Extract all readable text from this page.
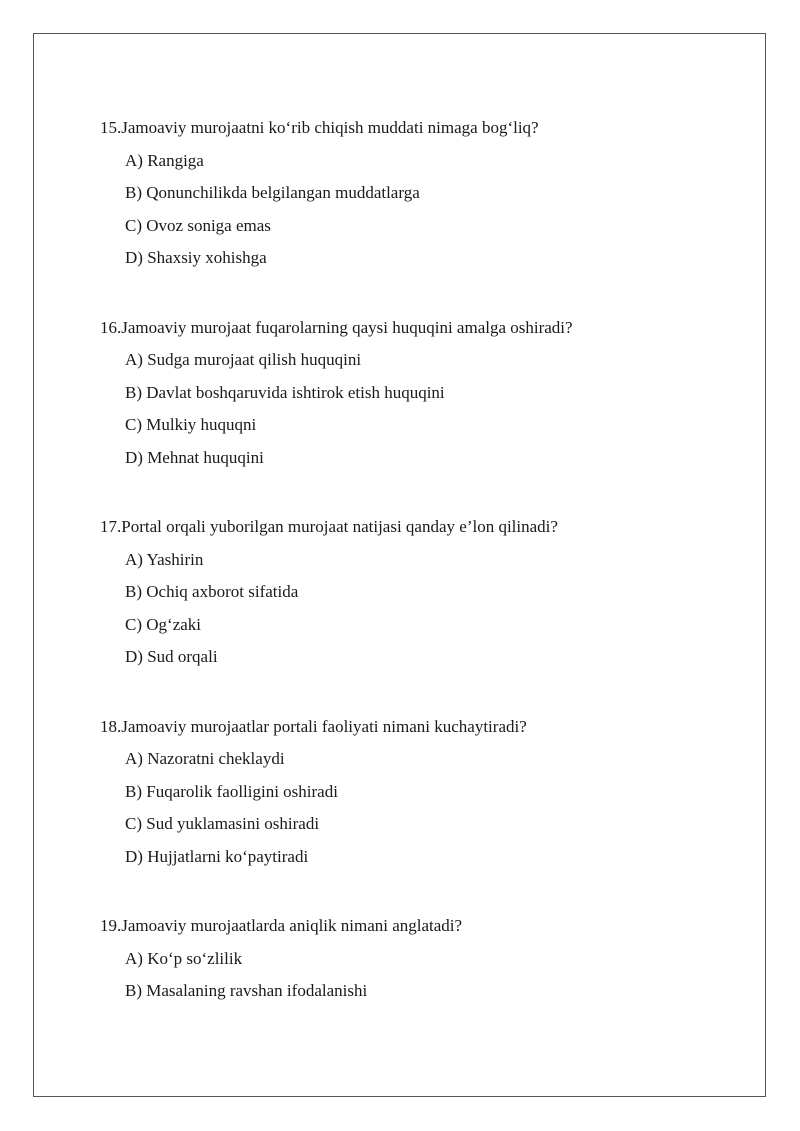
15.Jamoaviy murojaatni ko‘rib chiqish muddati nimaga bog‘liq?

A) Rangiga
B) Qonunchilikda belgilangan muddatlarga
C) Ovoz soniga emas
D) Shaxsiy xohishga

16.Jamoaviy murojaat fuqarolarning qaysi huquqini amalga oshiradi?

A) Sudga murojaat qilish huquqini
B) Davlat boshqaruvida ishtirok etish huquqini
C) Mulkiy huquqni
D) Mehnat huquqini

17.Portal orqali yuborilgan murojaat natijasi qanday e’lon qilinadi?

A) Yashirin
B) Ochiq axborot sifatida
C) Og‘zaki
D) Sud orqali

18.Jamoaviy murojaatlar portali faoliyati nimani kuchaytiradi?

A) Nazoratni cheklaydi
B) Fuqarolik faolligini oshiradi
C) Sud yuklamasini oshiradi
D) Hujjatlarni ko‘paytiradi

19.Jamoaviy murojaatlarda aniqlik nimani anglatadi?

A) Ko‘p so‘zlilik
B) Masalaning ravshan ifodalanishi
